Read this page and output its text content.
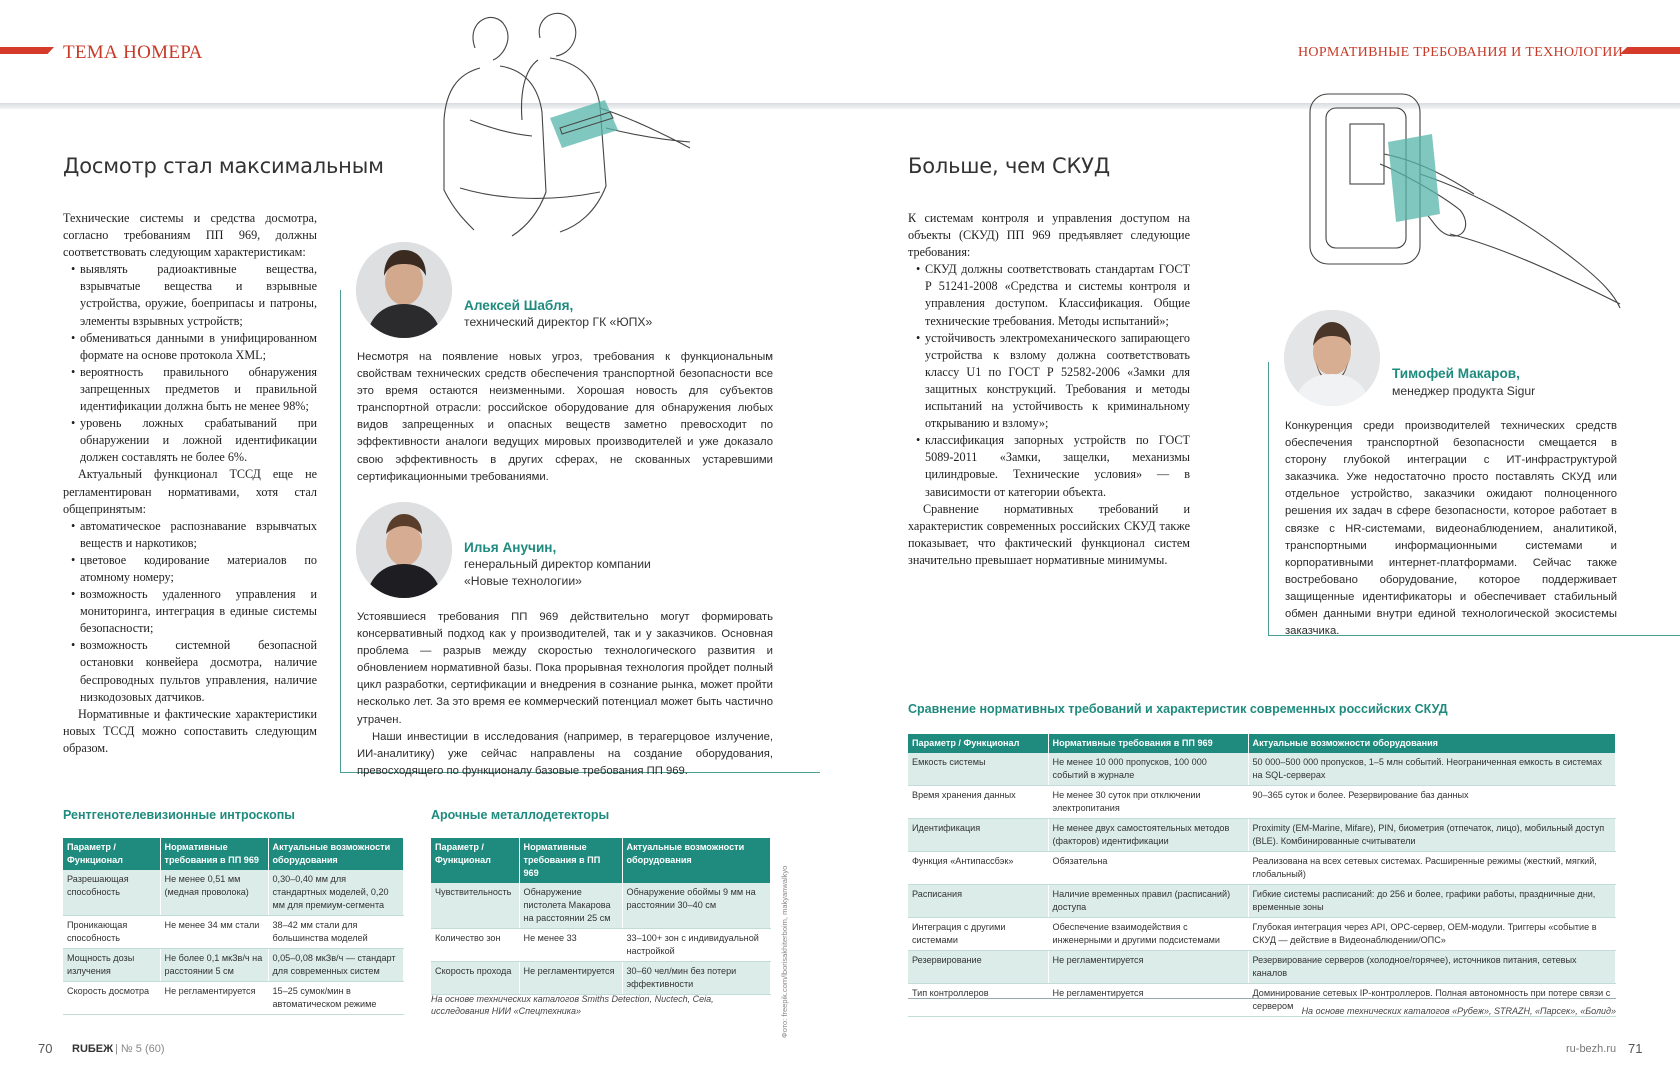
ТЕМА НОМЕРА	НОРМАТИВНЫЕ ТРЕБОВАНИЯ И ТЕХНОЛОГИИ
Досмотр стал максимальным

Технические системы и средства досмотра, согласно требованиям ПП 969, должны соответствовать следующим характеристикам:

• выявлять радиоактивные вещества, взрывчатые вещества и взрывные устройства, оружие, боеприпасы и патроны, элементы взрывных устройств;
• обмениваться данными в унифицированном формате на основе протокола XML;
• вероятность правильного обнаружения запрещенных предметов и правильной идентификации должна быть не менее 98%;
• уровень ложных срабатываний при обнаружении и ложной идентификации должен составлять не более 6%.

Актуальный функционал ТССД еще не регламентирован нормативами, хотя стал общепринятым:

• автоматическое распознавание взрывчатых веществ и наркотиков;
• цветовое кодирование материалов по атомному номеру;
• возможность удаленного управления и мониторинга, интеграция в единые системы безопасности;
• возможность системной безопасной остановки конвейера досмотра, наличие беспроводных пультов управления, наличие низкодозовых датчиков.

Нормативные и фактические характеристики новых ТССД можно сопоставить следующим образом.

Алексей Шабля,
технический директор ГК «ЮПХ»

Несмотря на появление новых угроз, требования к функциональным свойствам технических средств обеспечения транспортной безопасности все это время остаются неизменными. Хорошая новость для субъектов транспортной отрасли: российское оборудование для обнаружения любых видов запрещенных и опасных веществ заметно превосходит по эффективности аналоги ведущих мировых производителей и уже доказало свою эффективность в других сферах, не скованных устаревшими сертификационными требованиями.

Илья Анучин,
генеральный директор компании
«Новые технологии»

Устоявшиеся требования ПП 969 действительно могут формировать консервативный подход как у производителей, так и у заказчиков. Основная проблема — разрыв между скоростью технологического развития и обновлением нормативной базы. Пока прорывная технология пройдет полный цикл разработки, сертификации и внедрения в сознание рынка, может пройти несколько лет. За это время ее коммерческий потенциал может быть частично утрачен.

Наши инвестиции в исследования (например, в терагерцовое излучение, ИИ-аналитику) уже сейчас направлены на создание оборудования, превосходящего по функционалу базовые требования ПП 969.

Рентгенотелевизионные интроскопы
Параметр / Функционал	Нормативные требования в ПП 969	Актуальные возможности оборудования
Разрешающая способность	Не менее 0,51 мм (медная проволока)	0,30–0,40 мм для стандартных моделей, 0,20 мм для премиум-сегмента
Проникающая способность	Не менее 34 мм стали	38–42 мм стали для большинства моделей
Мощность дозы излучения	Не более 0,1 мкЗв/ч на расстоянии 5 см	0,05–0,08 мкЗв/ч — стандарт для современных систем
Скорость досмотра	Не регламентируется	15–25 сумок/мин в автоматическом режиме
Арочные металлодетекторы
Параметр / Функционал	Нормативные требования в ПП 969	Актуальные возможности оборудования
Чувствительность	Обнаружение пистолета Макарова на расстоянии 25 см	Обнаружение обоймы 9 мм на расстоянии 30–40 см
Количество зон	Не менее 33	33–100+ зон с индивидуальной настройкой
Скорость прохода	Не регламентируется	30–60 чел/мин без потери эффективности
На основе технических каталогов Smiths Detection, Nuctech, Ceia, исследования НИИ «Спецтехника»	Фото: freepik.com/lborisakhiterboim, makyanwalkyo
70 RUБЕЖ | № 5 (60)
Больше, чем СКУД

К системам контроля и управления доступом на объекты (СКУД) ПП 969 предъявляет следующие требования:

• СКУД должны соответствовать стандартам ГОСТ Р 51241-2008 «Средства и системы контроля и управления доступом. Классификация. Общие технические требования. Методы испытаний»;
• устойчивость электромеханического запирающего устройства к взлому должна соответствовать классу U1 по ГОСТ Р 52582-2006 «Замки для защитных конструкций. Требования и методы испытаний на устойчивость к криминальному открыванию и взлому»;
• классификация запорных устройств по ГОСТ 5089-2011 «Замки, защелки, механизмы цилиндровые. Технические условия» — в зависимости от категории объекта.

Сравнение нормативных требований и характеристик современных российских СКУД также показывает, что фактический функционал систем значительно превышает нормативные минимумы.

Тимофей Макаров,
менеджер продукта Sigur

Конкуренция среди производителей технических средств обеспечения транспортной безопасности смещается в сторону глубокой интеграции с ИТ-инфраструктурой заказчика. Уже недостаточно просто поставлять СКУД или отдельное устройство, заказчики ожидают полноценного решения их задач в сфере безопасности, которое работает в связке с HR-системами, видеонаблюдением, аналитикой, транспортными информационными системами и корпоративными интернет-платформами. Сейчас также востребовано оборудование, которое поддерживает защищенные идентификаторы и обеспечивает стабильный обмен данными внутри единой технологической экосистемы заказчика.

Сравнение нормативных требований и характеристик современных российских СКУД
Параметр / Функционал	Нормативные требования в ПП 969	Актуальные возможности оборудования
Емкость системы	Не менее 10 000 пропусков, 100 000 событий в журнале	50 000–500 000 пропусков, 1–5 млн событий. Неограниченная емкость в системах на SQL-серверах
Время хранения данных	Не менее 30 суток при отключении электропитания	90–365 суток и более. Резервирование баз данных
Идентификация	Не менее двух самостоятельных методов (факторов) идентификации	Proximity (EM-Marine, Mifare), PIN, биометрия (отпечаток, лицо), мобильный доступ (BLE). Комбинированные считыватели
Функция «Антипассбэк»	Обязательна	Реализована на всех сетевых системах. Расширенные режимы (жесткий, мягкий, глобальный)
Расписания	Наличие временных правил (расписаний) доступа	Гибкие системы расписаний: до 256 и более, графики работы, праздничные дни, временные зоны
Интеграция с другими системами	Обеспечение взаимодействия с инженерными и другими подсистемами	Глубокая интеграция через API, OPC-сервер, OEM-модули. Триггеры «событие в СКУД — действие в Видеонаблюдении/ОПС»
Резервирование	Не регламентируется	Резервирование серверов (холодное/горячее), источников питания, сетевых каналов
Тип контроллеров	Не регламентируется	Доминирование сетевых IP-контроллеров. Полная автономность при потере связи с сервером На основе технических каталогов «Рубеж», STRAZH, «Парсек», «Болид»
ru-bezh.ru 71
